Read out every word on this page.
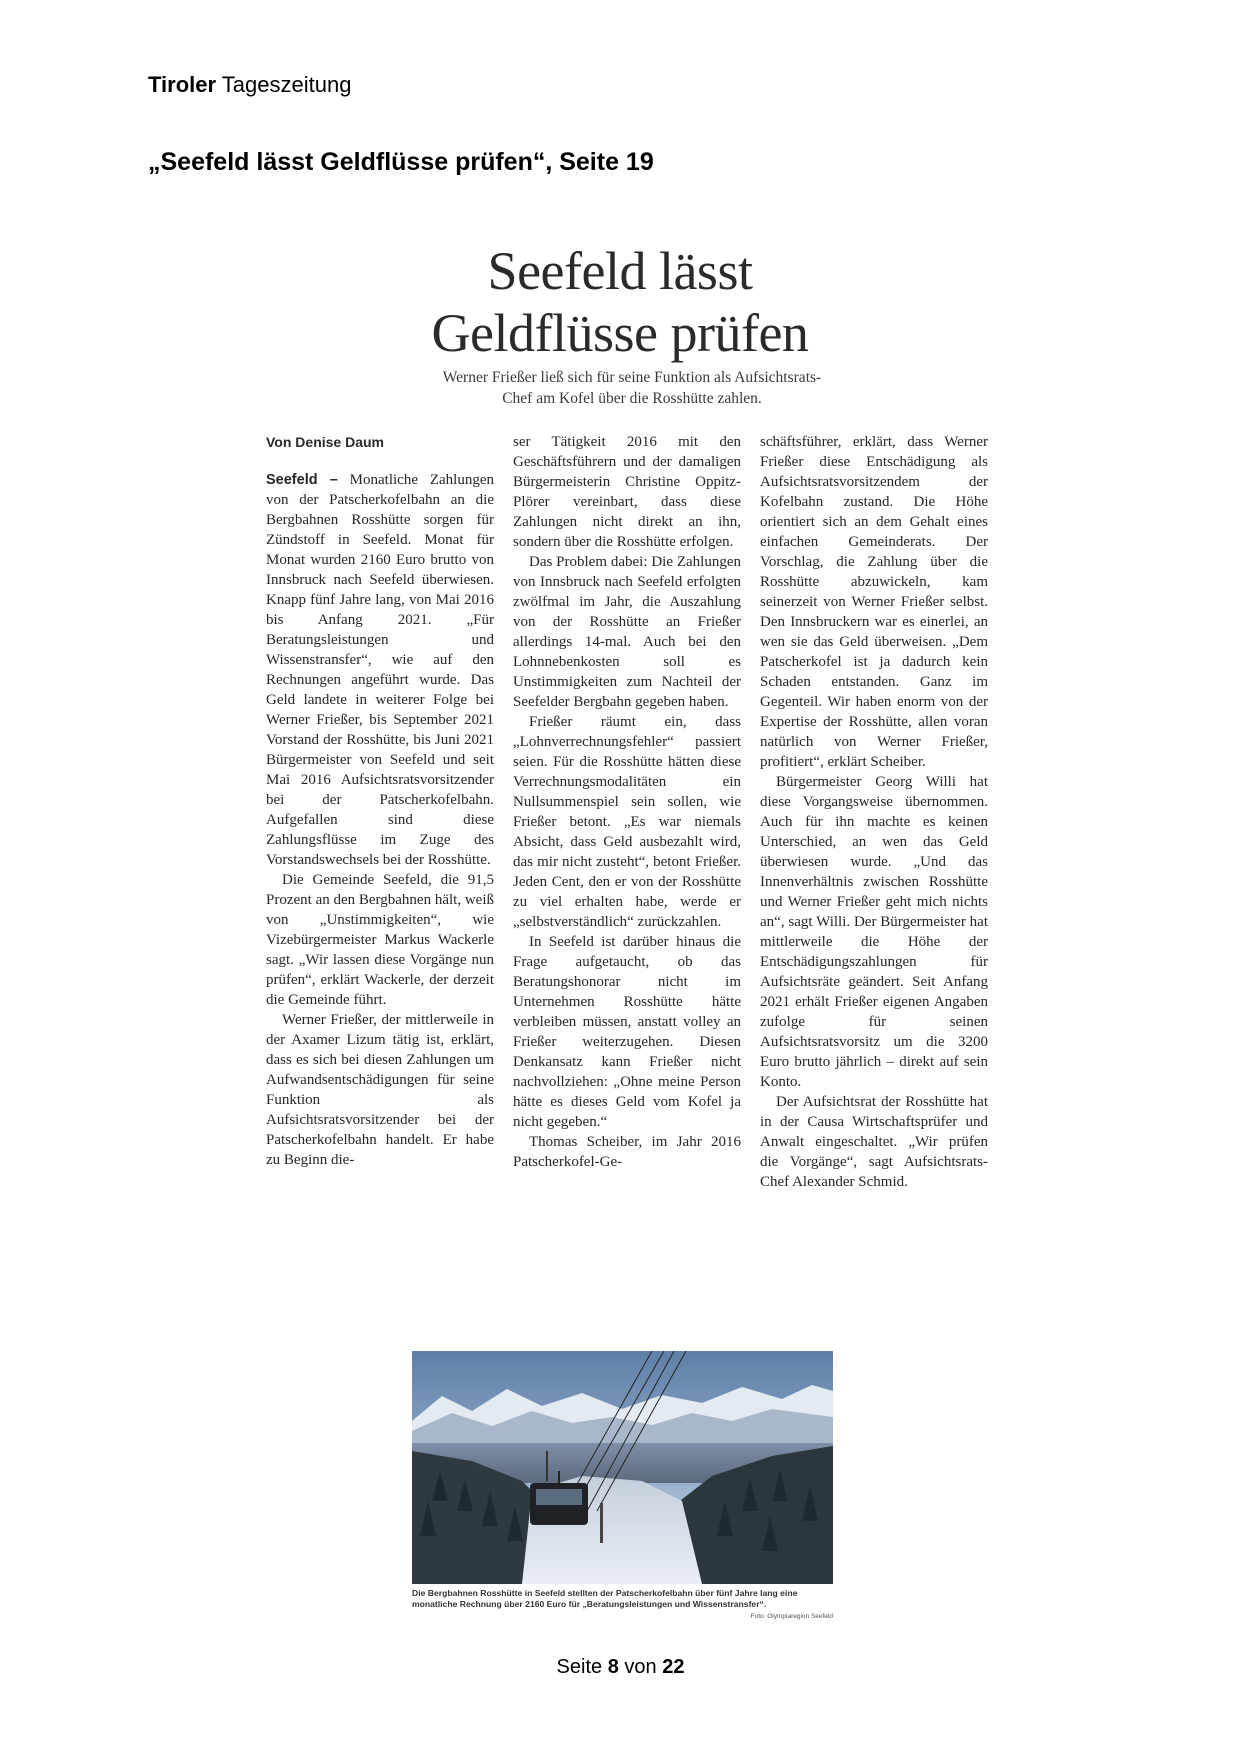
Tiroler Tageszeitung
„Seefeld lässt Geldflüsse prüfen“, Seite 19
Seefeld lässt
Geldflüsse prüfen
Werner Frießer ließ sich für seine Funktion als Aufsichtsrats-Chef am Kofel über die Rosshütte zahlen.

Von Denise Daum

Seefeld – Monatliche Zahlungen von der Patscherkofelbahn an die Bergbahnen Rosshütte sorgen für Zündstoff in Seefeld. Monat für Monat wurden 2160 Euro brutto von Innsbruck nach Seefeld überwiesen. Knapp fünf Jahre lang, von Mai 2016 bis Anfang 2021. „Für Beratungsleistungen und Wissenstransfer“, wie auf den Rechnungen angeführt wurde. Das Geld landete in weiterer Folge bei Werner Frießer, bis September 2021 Vorstand der Rosshütte, bis Juni 2021 Bürgermeister von Seefeld und seit Mai 2016 Aufsichtsratsvorsitzender bei der Patscherkofelbahn. Aufgefallen sind diese Zahlungsflüsse im Zuge des Vorstandswechsels bei der Rosshütte.

Die Gemeinde Seefeld, die 91,5 Prozent an den Bergbahnen hält, weiß von „Unstimmigkeiten“, wie Vizebürgermeister Markus Wackerle sagt. „Wir lassen diese Vorgänge nun prüfen“, erklärt Wackerle, der derzeit die Gemeinde führt.

Werner Frießer, der mittlerweile in der Axamer Lizum tätig ist, erklärt, dass es sich bei diesen Zahlungen um Aufwandsentschädigungen für seine Funktion als Aufsichtsratsvorsitzender bei der Patscherkofelbahn handelt. Er habe zu Beginn die-

ser Tätigkeit 2016 mit den Geschäftsführern und der damaligen Bürgermeisterin Christine Oppitz-Plörer vereinbart, dass diese Zahlungen nicht direkt an ihn, sondern über die Rosshütte erfolgen.

Das Problem dabei: Die Zahlungen von Innsbruck nach Seefeld erfolgten zwölfmal im Jahr, die Auszahlung von der Rosshütte an Frießer allerdings 14-mal. Auch bei den Lohnnebenkosten soll es Unstimmigkeiten zum Nachteil der Seefelder Bergbahn gegeben haben.

Frießer räumt ein, dass „Lohnverrechnungsfehler“ passiert seien. Für die Rosshütte hätten diese Verrechnungsmodalitäten ein Nullsummenspiel sein sollen, wie Frießer betont. „Es war niemals Absicht, dass Geld ausbezahlt wird, das mir nicht zusteht“, betont Frießer. Jeden Cent, den er von der Rosshütte zu viel erhalten habe, werde er „selbstverständlich“ zurückzahlen.

In Seefeld ist darüber hinaus die Frage aufgetaucht, ob das Beratungshonorar nicht im Unternehmen Rosshütte hätte verbleiben müssen, anstatt volley an Frießer weiterzugehen. Diesen Denkansatz kann Frießer nicht nachvollziehen: „Ohne meine Person hätte es dieses Geld vom Kofel ja nicht gegeben.“

Thomas Scheiber, im Jahr 2016 Patscherkofel-Ge-

schäftsführer, erklärt, dass Werner Frießer diese Entschädigung als Aufsichtsratsvorsitzendem der Kofelbahn zustand. Die Höhe orientiert sich an dem Gehalt eines einfachen Gemeinderats. Der Vorschlag, die Zahlung über die Rosshütte abzuwickeln, kam seinerzeit von Werner Frießer selbst. Den Innsbruckern war es einerlei, an wen sie das Geld überweisen. „Dem Patscherkofel ist ja dadurch kein Schaden entstanden. Ganz im Gegenteil. Wir haben enorm von der Expertise der Rosshütte, allen voran natürlich von Werner Frießer, profitiert“, erklärt Scheiber.

Bürgermeister Georg Willi hat diese Vorgangsweise übernommen. Auch für ihn machte es keinen Unterschied, an wen das Geld überwiesen wurde. „Und das Innenverhältnis zwischen Rosshütte und Werner Frießer geht mich nichts an“, sagt Willi. Der Bürgermeister hat mittlerweile die Höhe der Entschädigungszahlungen für Aufsichtsräte geändert. Seit Anfang 2021 erhält Frießer eigenen Angaben zufolge für seinen Aufsichtsratsvorsitz um die 3200 Euro brutto jährlich – direkt auf sein Konto.

Der Aufsichtsrat der Rosshütte hat in der Causa Wirtschaftsprüfer und Anwalt eingeschaltet. „Wir prüfen die Vorgänge“, sagt Aufsichtsrats-Chef Alexander Schmid.

Die Bergbahnen Rosshütte in Seefeld stellten der Patscherkofelbahn über fünf Jahre lang eine monatliche Rechnung über 2160 Euro für „Beratungsleistungen und Wissenstransfer“.
Foto: Olympiaregion Seefeld
Seite 8 von 22
